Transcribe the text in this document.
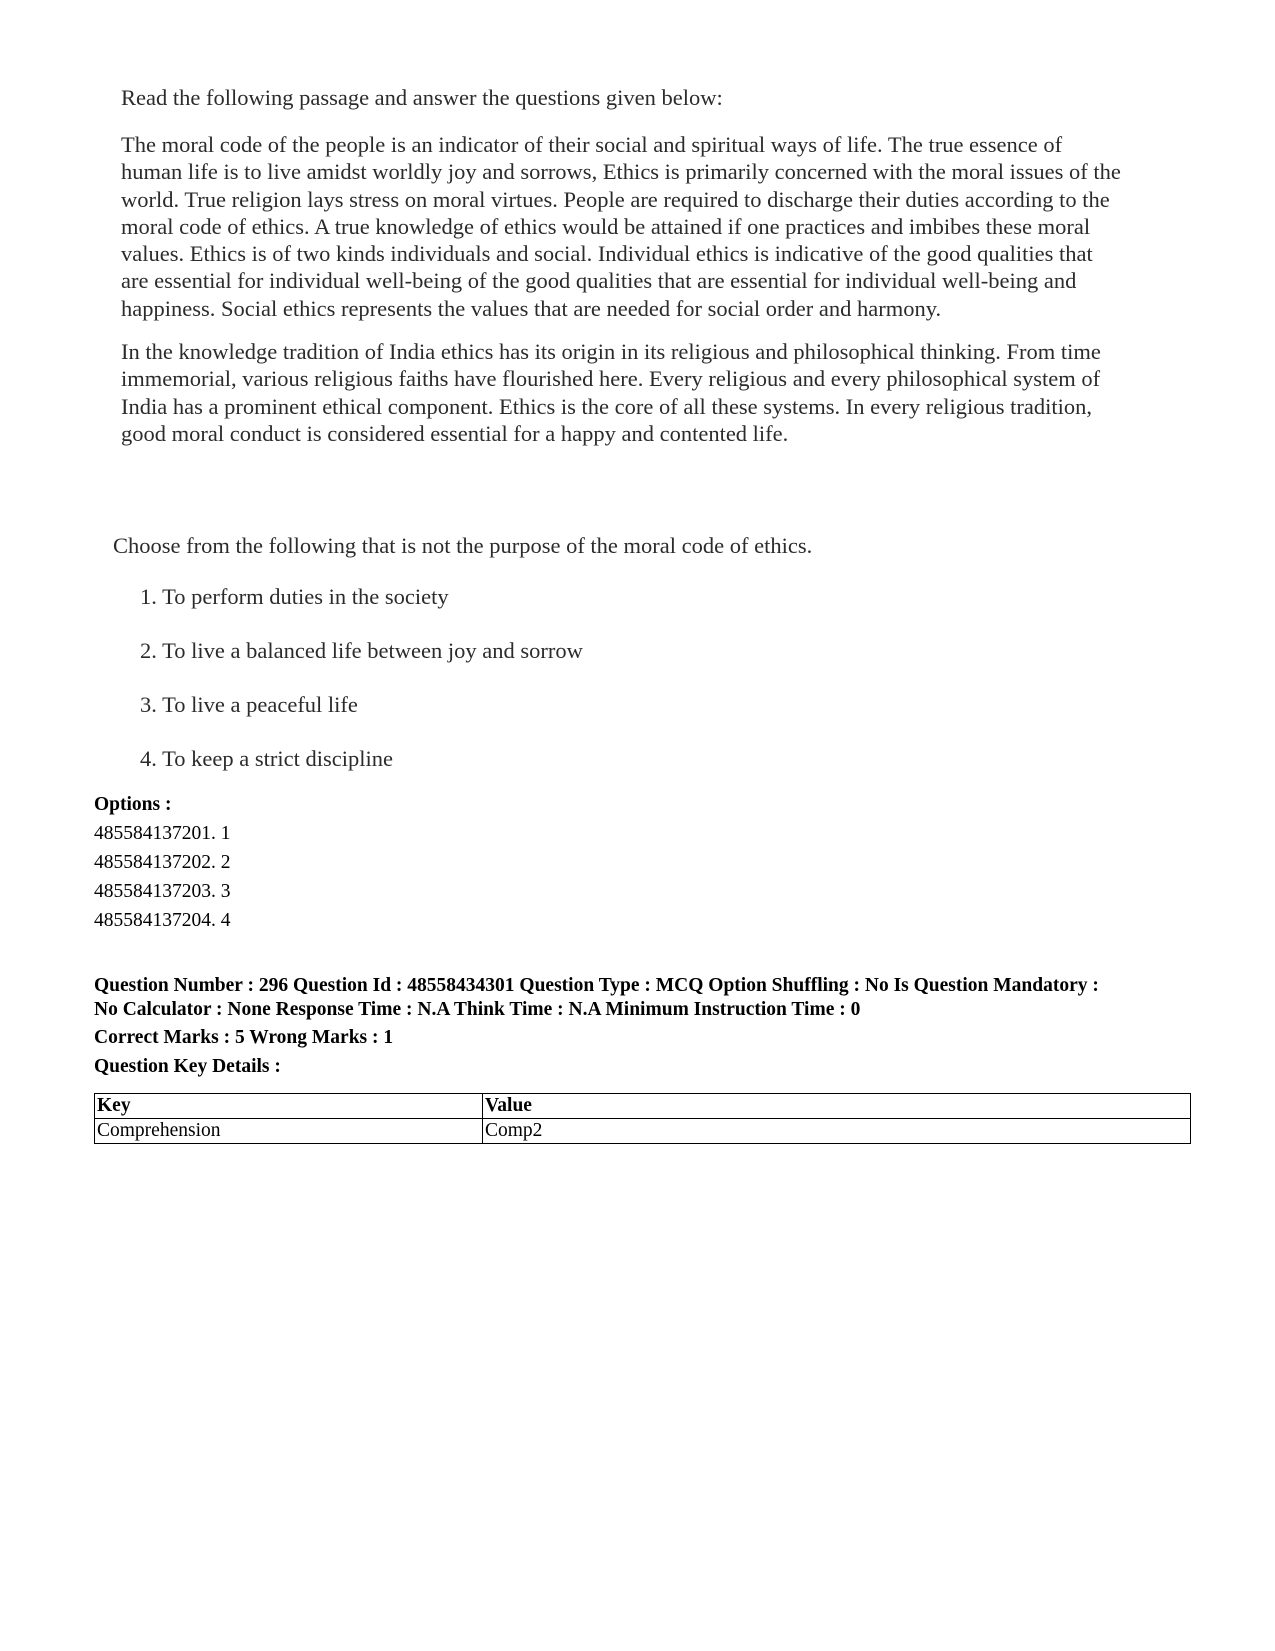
Read the following passage and answer the questions given below:
The moral code of the people is an indicator of their social and spiritual ways of life. The true essence of
human life is to live amidst worldly joy and sorrows, Ethics is primarily concerned with the moral issues of the
world. True religion lays stress on moral virtues. People are required to discharge their duties according to the
moral code of ethics. A true knowledge of ethics would be attained if one practices and imbibes these moral
values. Ethics is of two kinds individuals and social. Individual ethics is indicative of the good qualities that
are essential for individual well-being of the good qualities that are essential for individual well-being and
happiness. Social ethics represents the values that are needed for social order and harmony.
In the knowledge tradition of India ethics has its origin in its religious and philosophical thinking. From time
immemorial, various religious faiths have flourished here. Every religious and every philosophical system of
India has a prominent ethical component. Ethics is the core of all these systems. In every religious tradition,
good moral conduct is considered essential for a happy and contented life.
Choose from the following that is not the purpose of the moral code of ethics.
1. To perform duties in the society
2. To live a balanced life between joy and sorrow
3. To live a peaceful life
4. To keep a strict discipline
Options :
485584137201. 1
485584137202. 2
485584137203. 3
485584137204. 4
Question Number : 296 Question Id : 48558434301 Question Type : MCQ Option Shuffling : No Is Question Mandatory :
No Calculator : None Response Time : N.A Think Time : N.A Minimum Instruction Time : 0
Correct Marks : 5 Wrong Marks : 1
Question Key Details :
Key	Value
Comprehension	Comp2
